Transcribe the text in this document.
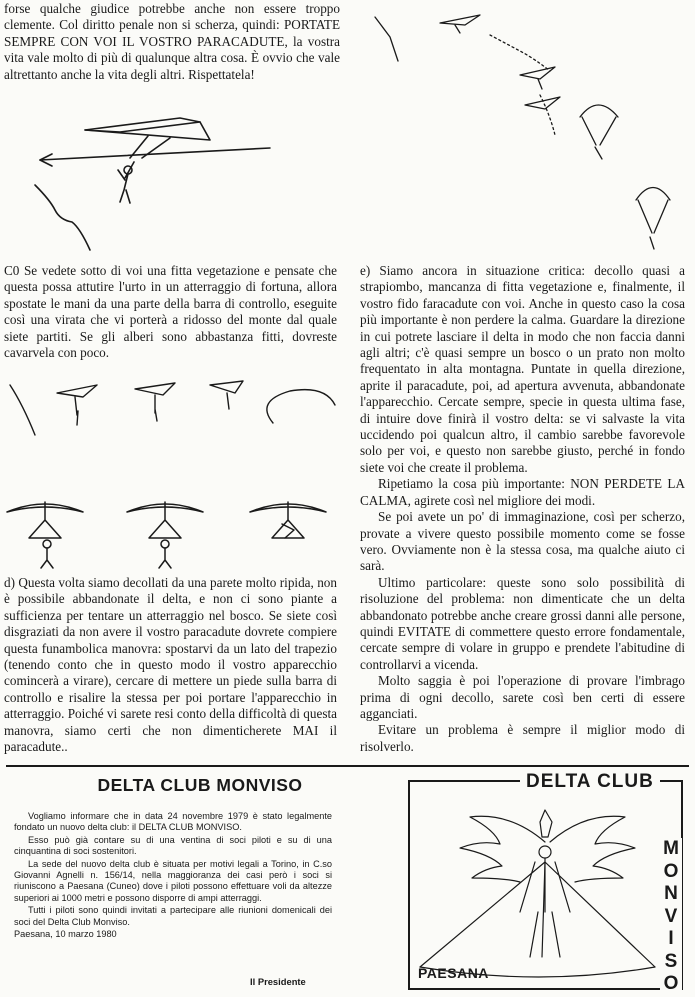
forse qualche giudice potrebbe anche non essere troppo clemente. Col diritto penale non si scherza, quindi: PORTATE SEMPRE CON VOI IL VOSTRO PARACADUTE, la vostra vita vale molto di più di qualunque altra cosa. È ovvio che vale altrettanto anche la vita degli altri. Rispettatela!

C0 Se vedete sotto di voi una fitta vegetazione e pensate che questa possa attutire l'urto in un atterraggio di fortuna, allora spostate le mani da una parte della barra di controllo, eseguite così una virata che vi porterà a ridosso del monte dal quale siete partiti. Se gli alberi sono abbastanza fitti, dovreste cavarvela con poco.

d) Questa volta siamo decollati da una parete molto ripida, non è possibile abbandonate il delta, e non ci sono piante a sufficienza per tentare un atterraggio nel bosco. Se siete così disgraziati da non avere il vostro paracadute dovrete compiere questa funambolica manovra: spostarvi da un lato del trapezio (tenendo conto che in questo modo il vostro apparecchio comincerà a virare), cercare di mettere un piede sulla barra di controllo e risalire la stessa per poi portare l'apparecchio in atterraggio. Poiché vi sarete resi conto della difficoltà di questa manovra, siamo certi che non dimenticherete MAI il paracadute..

e) Siamo ancora in situazione critica: decollo quasi a strapiombo, mancanza di fitta vegetazione e, finalmente, il vostro fido faracadute con voi. Anche in questo caso la cosa più importante è non perdere la calma. Guardare la direzione in cui potrete lasciare il delta in modo che non faccia danni agli altri; c'è quasi sempre un bosco o un prato non molto frequentato in alta montagna. Puntate in quella direzione, aprite il paracadute, poi, ad apertura avvenuta, abbandonate l'apparecchio. Cercate sempre, specie in questa ultima fase, di intuire dove finirà il vostro delta: se vi salvaste la vita uccidendo poi qualcun altro, il cambio sarebbe favorevole solo per voi, e questo non sarebbe giusto, perché in fondo siete voi che create il problema.

Ripetiamo la cosa più importante: NON PERDETE LA CALMA, agirete così nel migliore dei modi.

Se poi avete un po' di immaginazione, così per scherzo, provate a vivere questo possibile momento come se fosse vero. Ovviamente non è la stessa cosa, ma qualche aiuto ci sarà.

Ultimo particolare: queste sono solo possibilità di risoluzione del problema: non dimenticate che un delta abbandonato potrebbe anche creare grossi danni alle persone, quindi EVITATE di commettere questo errore fondamentale, cercate sempre di volare in gruppo e prendete l'abitudine di controllarvi a vicenda.

Molto saggia è poi l'operazione di provare l'imbrago prima di ogni decollo, sarete così ben certi di essere agganciati.

Evitare un problema è sempre il miglior modo di risolverlo.

DELTA CLUB MONVISO

Vogliamo informare che in data 24 novembre 1979 è stato legalmente fondato un nuovo delta club: il DELTA CLUB MONVISO.

Esso può già contare su di una ventina di soci piloti e su di una cinquantina di soci sostenitori.

La sede del nuovo delta club è situata per motivi legali a Torino, in C.so Giovanni Agnelli n. 156/14, nella maggioranza dei casi però i soci si riuniscono a Paesana (Cuneo) dove i piloti possono effettuare voli da altezze superiori ai 1000 metri e possono disporre di ampi atterraggi.

Tutti i piloti sono quindi invitati a partecipare alle riunioni domenicali dei soci del Delta Club Monviso.

Paesana, 10 marzo 1980

Il Presidente
DELTA CLUB
M
O
N
V
I
S
O
PAESANA
